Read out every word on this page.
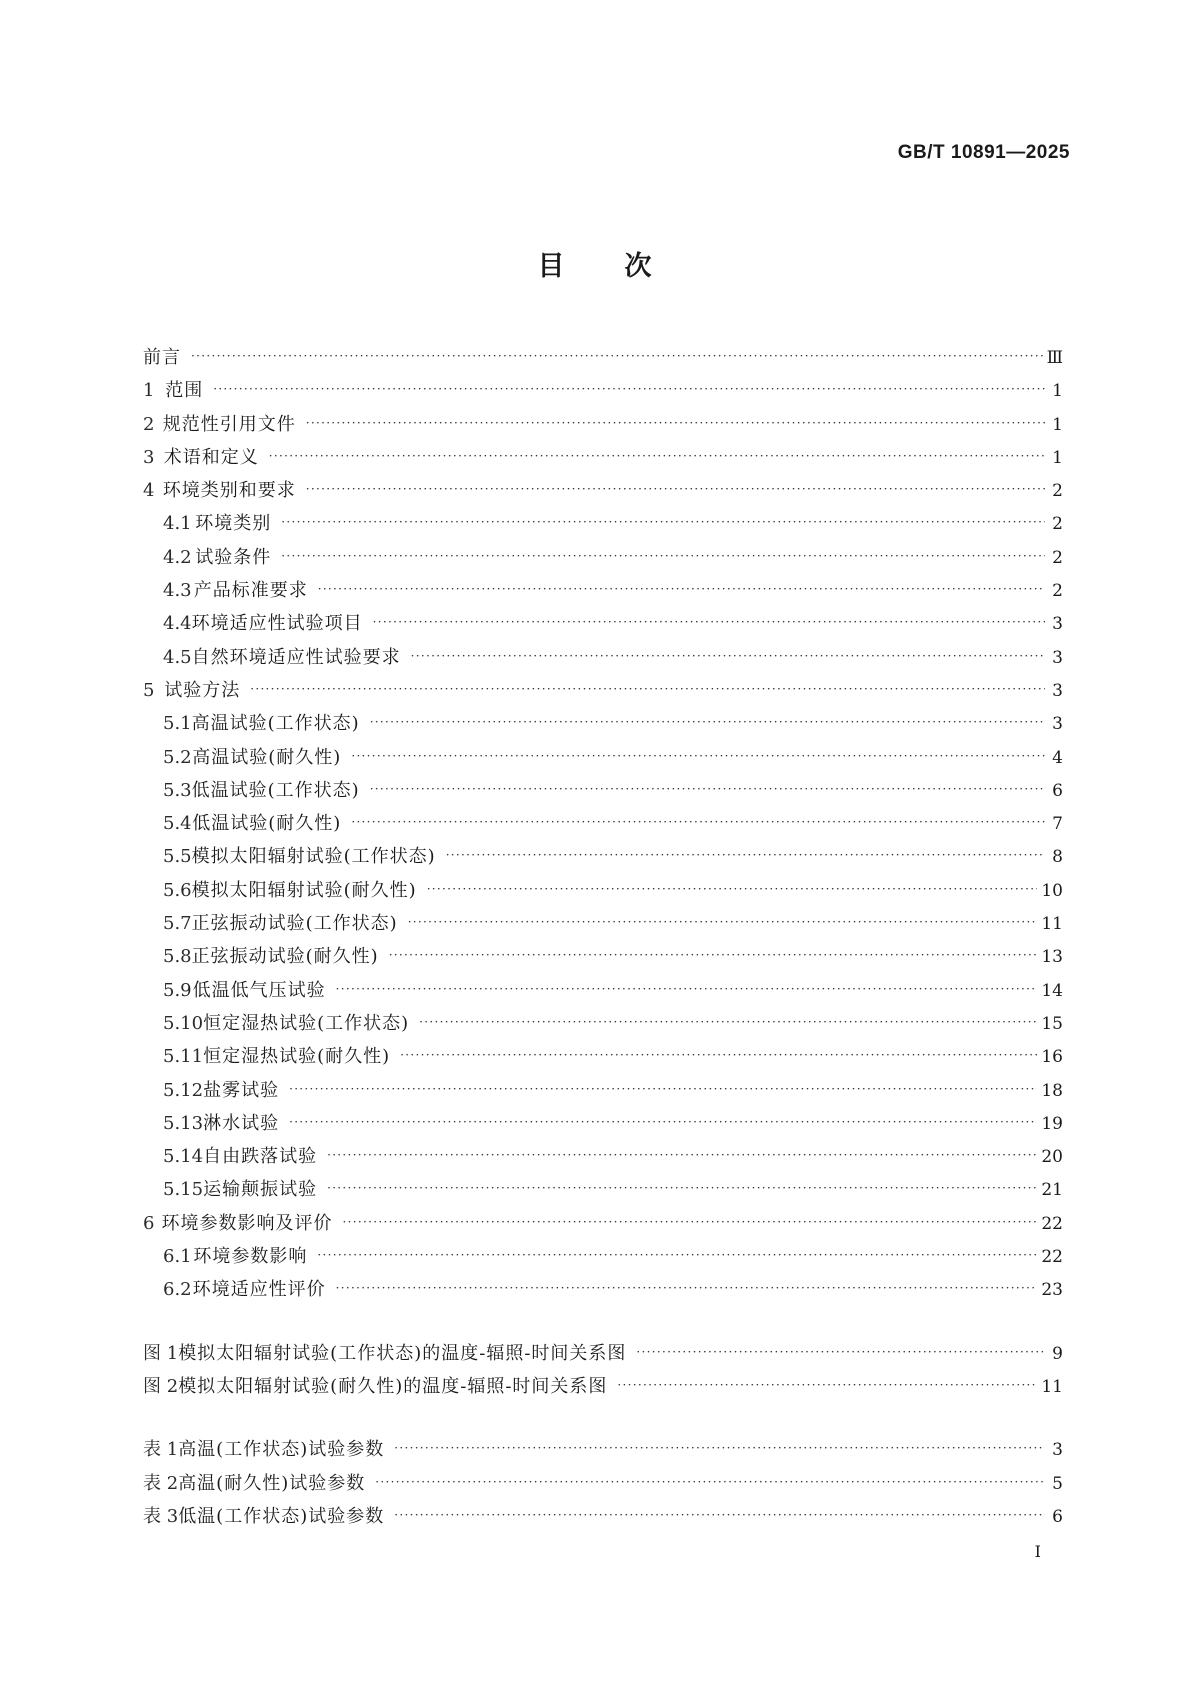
GB/T 10891—2025
目 次
前言 ·····	Ⅲ
1 范围 ·····	1
2 规范性引用文件 ·····	1
3 术语和定义 ·····	1
4 环境类别和要求 ·····	2
4.1 环境类别 ·····	2
4.2 试验条件 ·····	2
4.3 产品标准要求 ·····	2
4.4 环境适应性试验项目 ·····	3
4.5 自然环境适应性试验要求 ·····	3
5 试验方法 ·····	3
5.1 高温试验(工作状态) ·····	3
5.2 高温试验(耐久性) ·····	4
5.3 低温试验(工作状态) ·····	6
5.4 低温试验(耐久性) ·····	7
5.5 模拟太阳辐射试验(工作状态) ·····	8
5.6 模拟太阳辐射试验(耐久性) ·····	10
5.7 正弦振动试验(工作状态) ·····	11
5.8 正弦振动试验(耐久性) ·····	13
5.9 低温低气压试验 ·····	14
5.10 恒定湿热试验(工作状态) ·····	15
5.11 恒定湿热试验(耐久性) ·····	16
5.12 盐雾试验 ·····	18
5.13 淋水试验 ·····	19
5.14 自由跌落试验 ·····	20
5.15 运输颠振试验 ·····	21
6 环境参数影响及评价 ·····	22
6.1 环境参数影响 ·····	22
6.2 环境适应性评价 ·····	23
图 1 模拟太阳辐射试验(工作状态)的温度-辐照-时间关系图 ·····	9
图 2 模拟太阳辐射试验(耐久性)的温度-辐照-时间关系图 ·····	11
表 1 高温(工作状态)试验参数 ·····	3
表 2 高温(耐久性)试验参数 ·····	5
表 3 低温(工作状态)试验参数 ·····	6
I
